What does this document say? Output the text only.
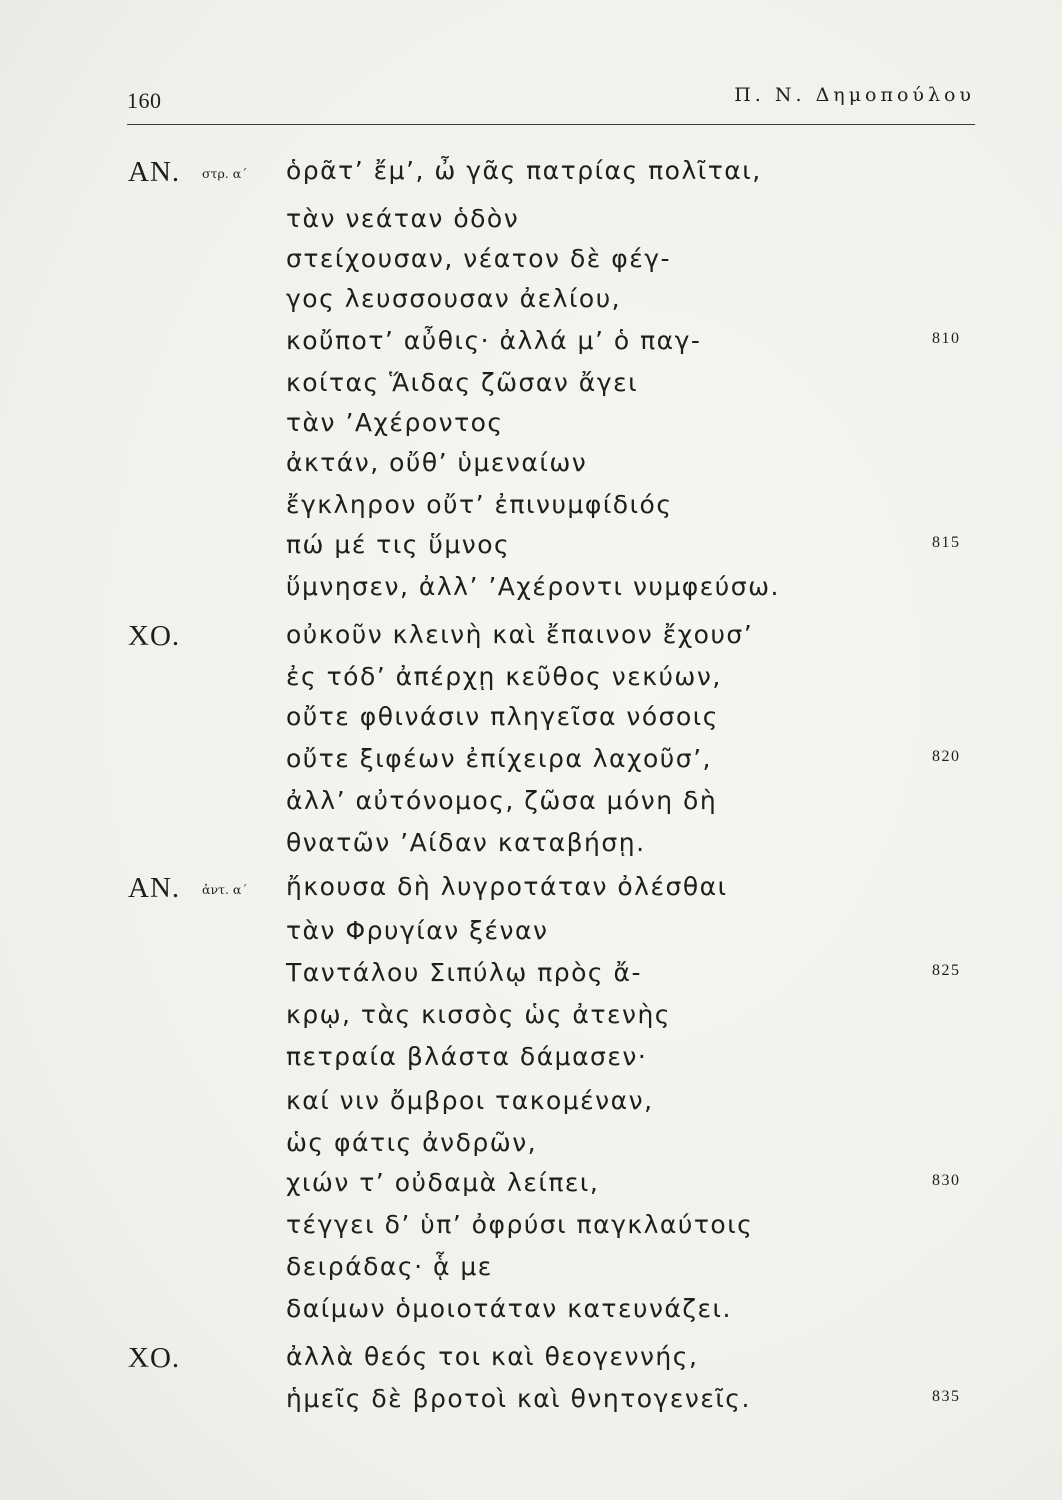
160	Π. Ν. Δημοπούλου
ΑΝ. στρ. α΄ ὁρᾶτ’ ἔμ’, ὦ γᾶς πατρίας πολῖται,
τὰν νεάταν ὁδὸν
στείχουσαν, νέατον δὲ φέγ-
γος λευσσουσαν ἀελίου,
κοὔποτ’ αὖθις· ἀλλά μ’ ὁ παγ-	810
κοίτας Ἅιδας ζῶσαν ἄγει
τὰν ’Αχέροντος
ἀκτάν, οὔθ’ ὑμεναίων
ἔγκληρον οὔτ’ ἐπινυμφίδιός
πώ μέ τις ὕμνος	815
ὕμνησεν, ἀλλ’ ’Αχέροντι νυμφεύσω.
ΧΟ.	οὐκοῦν κλεινὴ καὶ ἔπαινον ἔχουσ’
ἐς τόδ’ ἀπέρχῃ κεῦθος νεκύων,
οὔτε φθινάσιν πληγεῖσα νόσοις
οὔτε ξιφέων ἐπίχειρα λαχοῦσ’,	820
ἀλλ’ αὐτόνομος, ζῶσα μόνη δὴ
θνατῶν ’Αίδαν καταβήσῃ.
ΑΝ. ἀντ. α΄ ἤκουσα δὴ λυγροτάταν ὀλέσθαι
τὰν Φρυγίαν ξέναν
Ταντάλου Σιπύλῳ πρὸς ἄ-	825
κρῳ, τὰς κισσὸς ὡς ἀτενὴς
πετραία βλάστα δάμασεν·
καί νιν ὄμβροι τακομέναν,
ὡς φάτις ἀνδρῶν,
χιών τ’ οὐδαμὰ λείπει,	830
τέγγει δ’ ὑπ’ ὀφρύσι παγκλαύτοις
δειράδας· ᾇ με
δαίμων ὁμοιοτάταν κατευνάζει.
ΧΟ.	ἀλλὰ θεός τοι καὶ θεογεννής,
ἡμεῖς δὲ βροτοὶ καὶ θνητογενεῖς.	835
